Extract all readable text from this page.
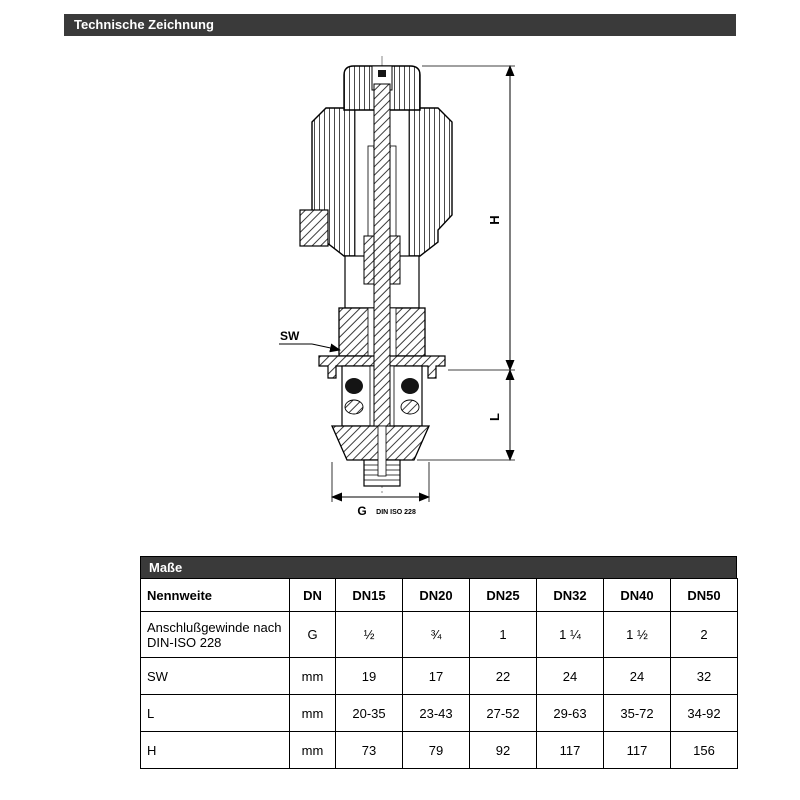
Technische Zeichnung
H
L
SW
G DIN ISO 228
Maße
Nennweite	DN	DN15	DN20	DN25	DN32	DN40	DN50
Anschlußgewinde nach DIN-ISO 228	G	½	¾	1	1 ¼	1 ½	2
SW	mm	19	17	22	24	24	32
L	mm	20-35	23-43	27-52	29-63	35-72	34-92
H	mm	73	79	92	117	117	156
